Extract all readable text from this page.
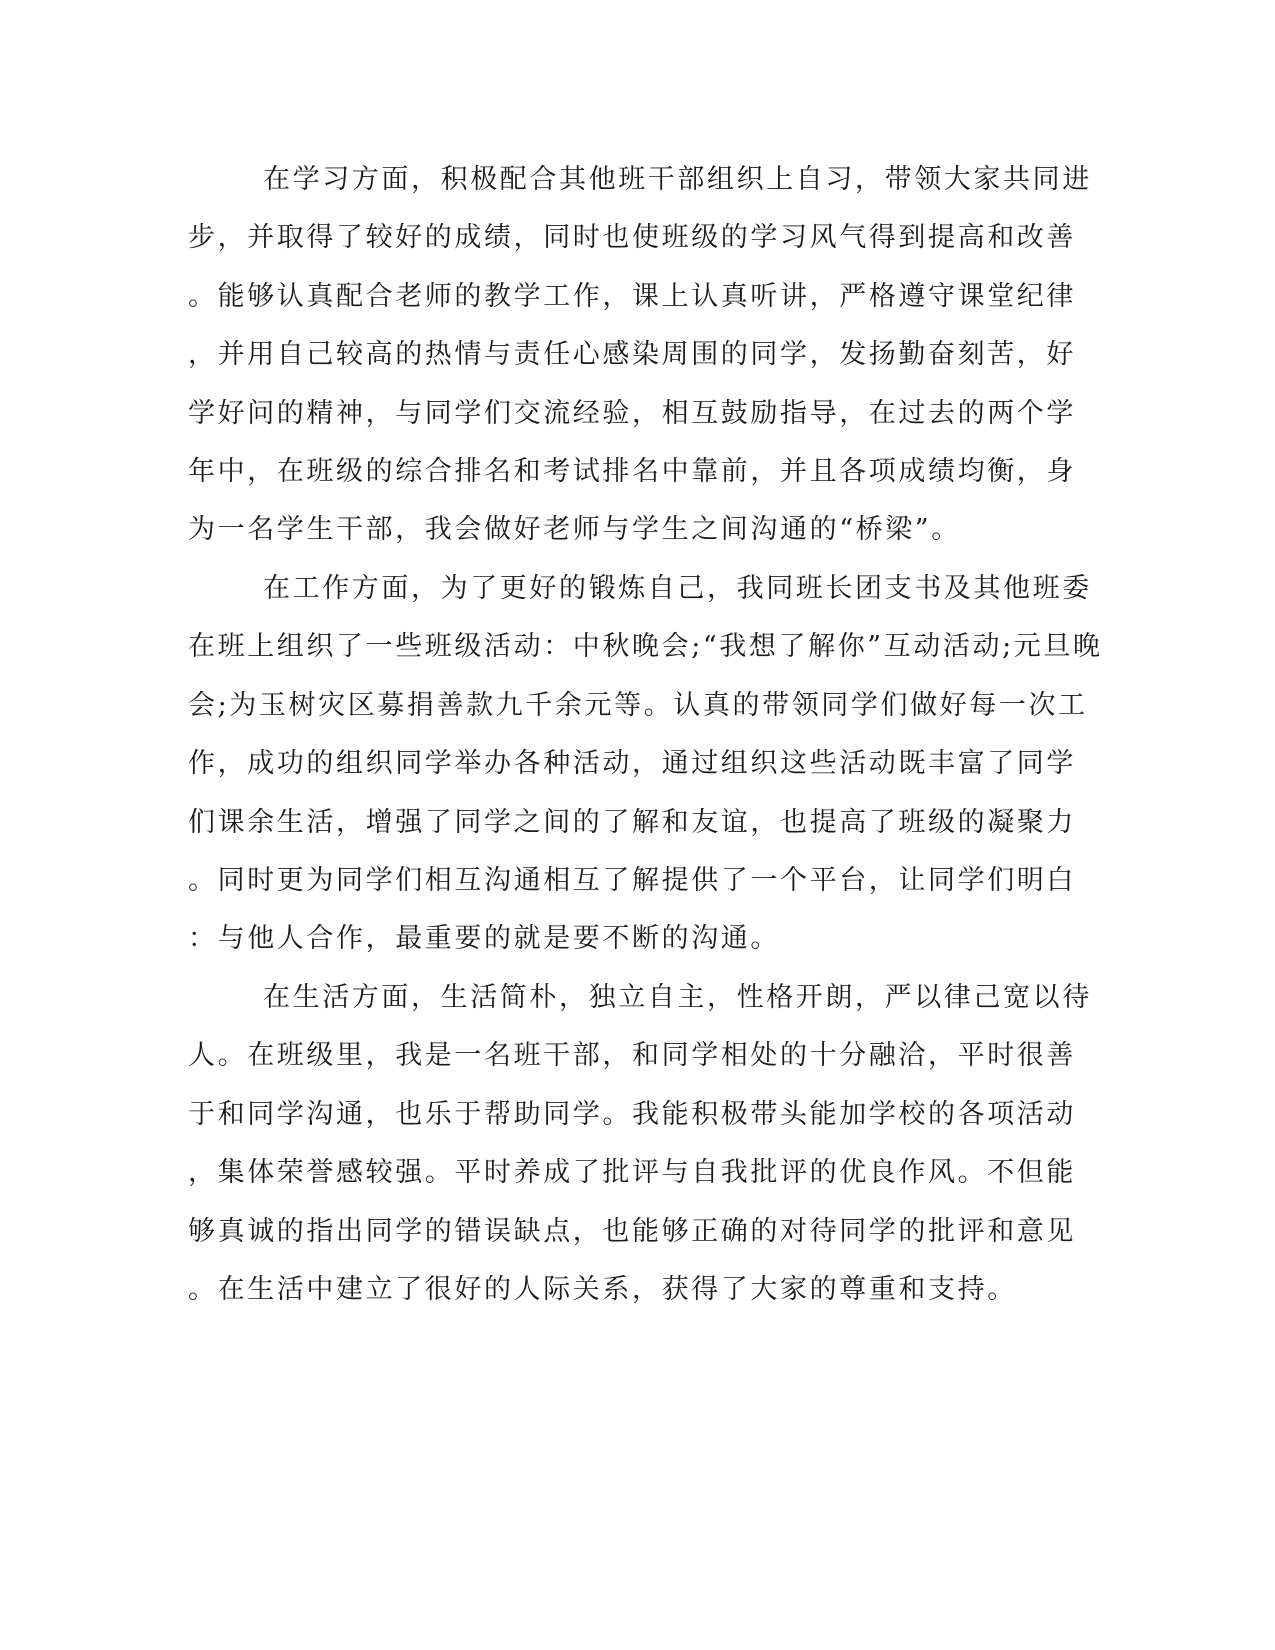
在学习方面，积极配合其他班干部组织上自习，带领大家共同进
步，并取得了较好的成绩，同时也使班级的学习风气得到提高和改善
。能够认真配合老师的教学工作，课上认真听讲，严格遵守课堂纪律
，并用自己较高的热情与责任心感染周围的同学，发扬勤奋刻苦，好
学好问的精神，与同学们交流经验，相互鼓励指导，在过去的两个学
年中，在班级的综合排名和考试排名中靠前，并且各项成绩均衡，身
为一名学生干部，我会做好老师与学生之间沟通的“桥梁”。
在工作方面，为了更好的锻炼自己，我同班长团支书及其他班委
在班上组织了一些班级活动：中秋晚会;“我想了解你”互动活动;元旦晚
会;为玉树灾区募捐善款九千余元等。认真的带领同学们做好每一次工
作，成功的组织同学举办各种活动，通过组织这些活动既丰富了同学
们课余生活，增强了同学之间的了解和友谊，也提高了班级的凝聚力
。同时更为同学们相互沟通相互了解提供了一个平台，让同学们明白
：与他人合作，最重要的就是要不断的沟通。
在生活方面，生活简朴，独立自主，性格开朗，严以律己宽以待
人。在班级里，我是一名班干部，和同学相处的十分融洽，平时很善
于和同学沟通，也乐于帮助同学。我能积极带头能加学校的各项活动
，集体荣誉感较强。平时养成了批评与自我批评的优良作风。不但能
够真诚的指出同学的错误缺点，也能够正确的对待同学的批评和意见
。在生活中建立了很好的人际关系，获得了大家的尊重和支持。
